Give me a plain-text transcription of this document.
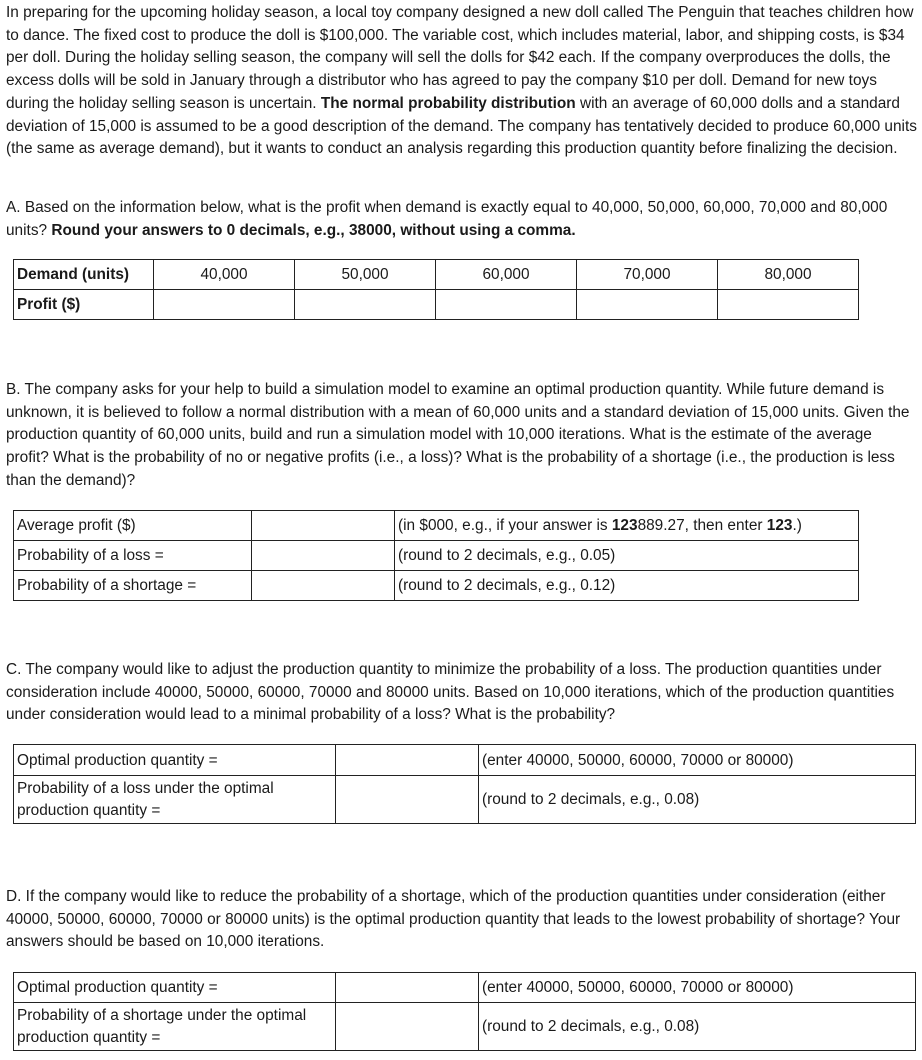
In preparing for the upcoming holiday season, a local toy company designed a new doll called The Penguin that teaches children how to dance. The fixed cost to produce the doll is $100,000. The variable cost, which includes material, labor, and shipping costs, is $34 per doll. During the holiday selling season, the company will sell the dolls for $42 each. If the company overproduces the dolls, the excess dolls will be sold in January through a distributor who has agreed to pay the company $10 per doll. Demand for new toys during the holiday selling season is uncertain. The normal probability distribution with an average of 60,000 dolls and a standard deviation of 15,000 is assumed to be a good description of the demand. The company has tentatively decided to produce 60,000 units (the same as average demand), but it wants to conduct an analysis regarding this production quantity before finalizing the decision.

A. Based on the information below, what is the profit when demand is exactly equal to 40,000, 50,000, 60,000, 70,000 and 80,000 units? Round your answers to 0 decimals, e.g., 38000, without using a comma.

Demand (units)	40,000	50,000	60,000	70,000	80,000
Profit ($)					

B. The company asks for your help to build a simulation model to examine an optimal production quantity. While future demand is unknown, it is believed to follow a normal distribution with a mean of 60,000 units and a standard deviation of 15,000 units. Given the production quantity of 60,000 units, build and run a simulation model with 10,000 iterations. What is the estimate of the average profit? What is the probability of no or negative profits (i.e., a loss)? What is the probability of a shortage (i.e., the production is less than the demand)?

Average profit ($)		(in $000, e.g., if your answer is 123889.27, then enter 123.)
Probability of a loss =		(round to 2 decimals, e.g., 0.05)
Probability of a shortage =		(round to 2 decimals, e.g., 0.12)

C. The company would like to adjust the production quantity to minimize the probability of a loss. The production quantities under consideration include 40000, 50000, 60000, 70000 and 80000 units. Based on 10,000 iterations, which of the production quantities under consideration would lead to a minimal probability of a loss? What is the probability?

Optimal production quantity =		(enter 40000, 50000, 60000, 70000 or 80000)
Probability of a loss under the optimal production quantity =		(round to 2 decimals, e.g., 0.08)

D. If the company would like to reduce the probability of a shortage, which of the production quantities under consideration (either 40000, 50000, 60000, 70000 or 80000 units) is the optimal production quantity that leads to the lowest probability of shortage? Your answers should be based on 10,000 iterations.

Optimal production quantity =		(enter 40000, 50000, 60000, 70000 or 80000)
Probability of a shortage under the optimal production quantity =		(round to 2 decimals, e.g., 0.08)
